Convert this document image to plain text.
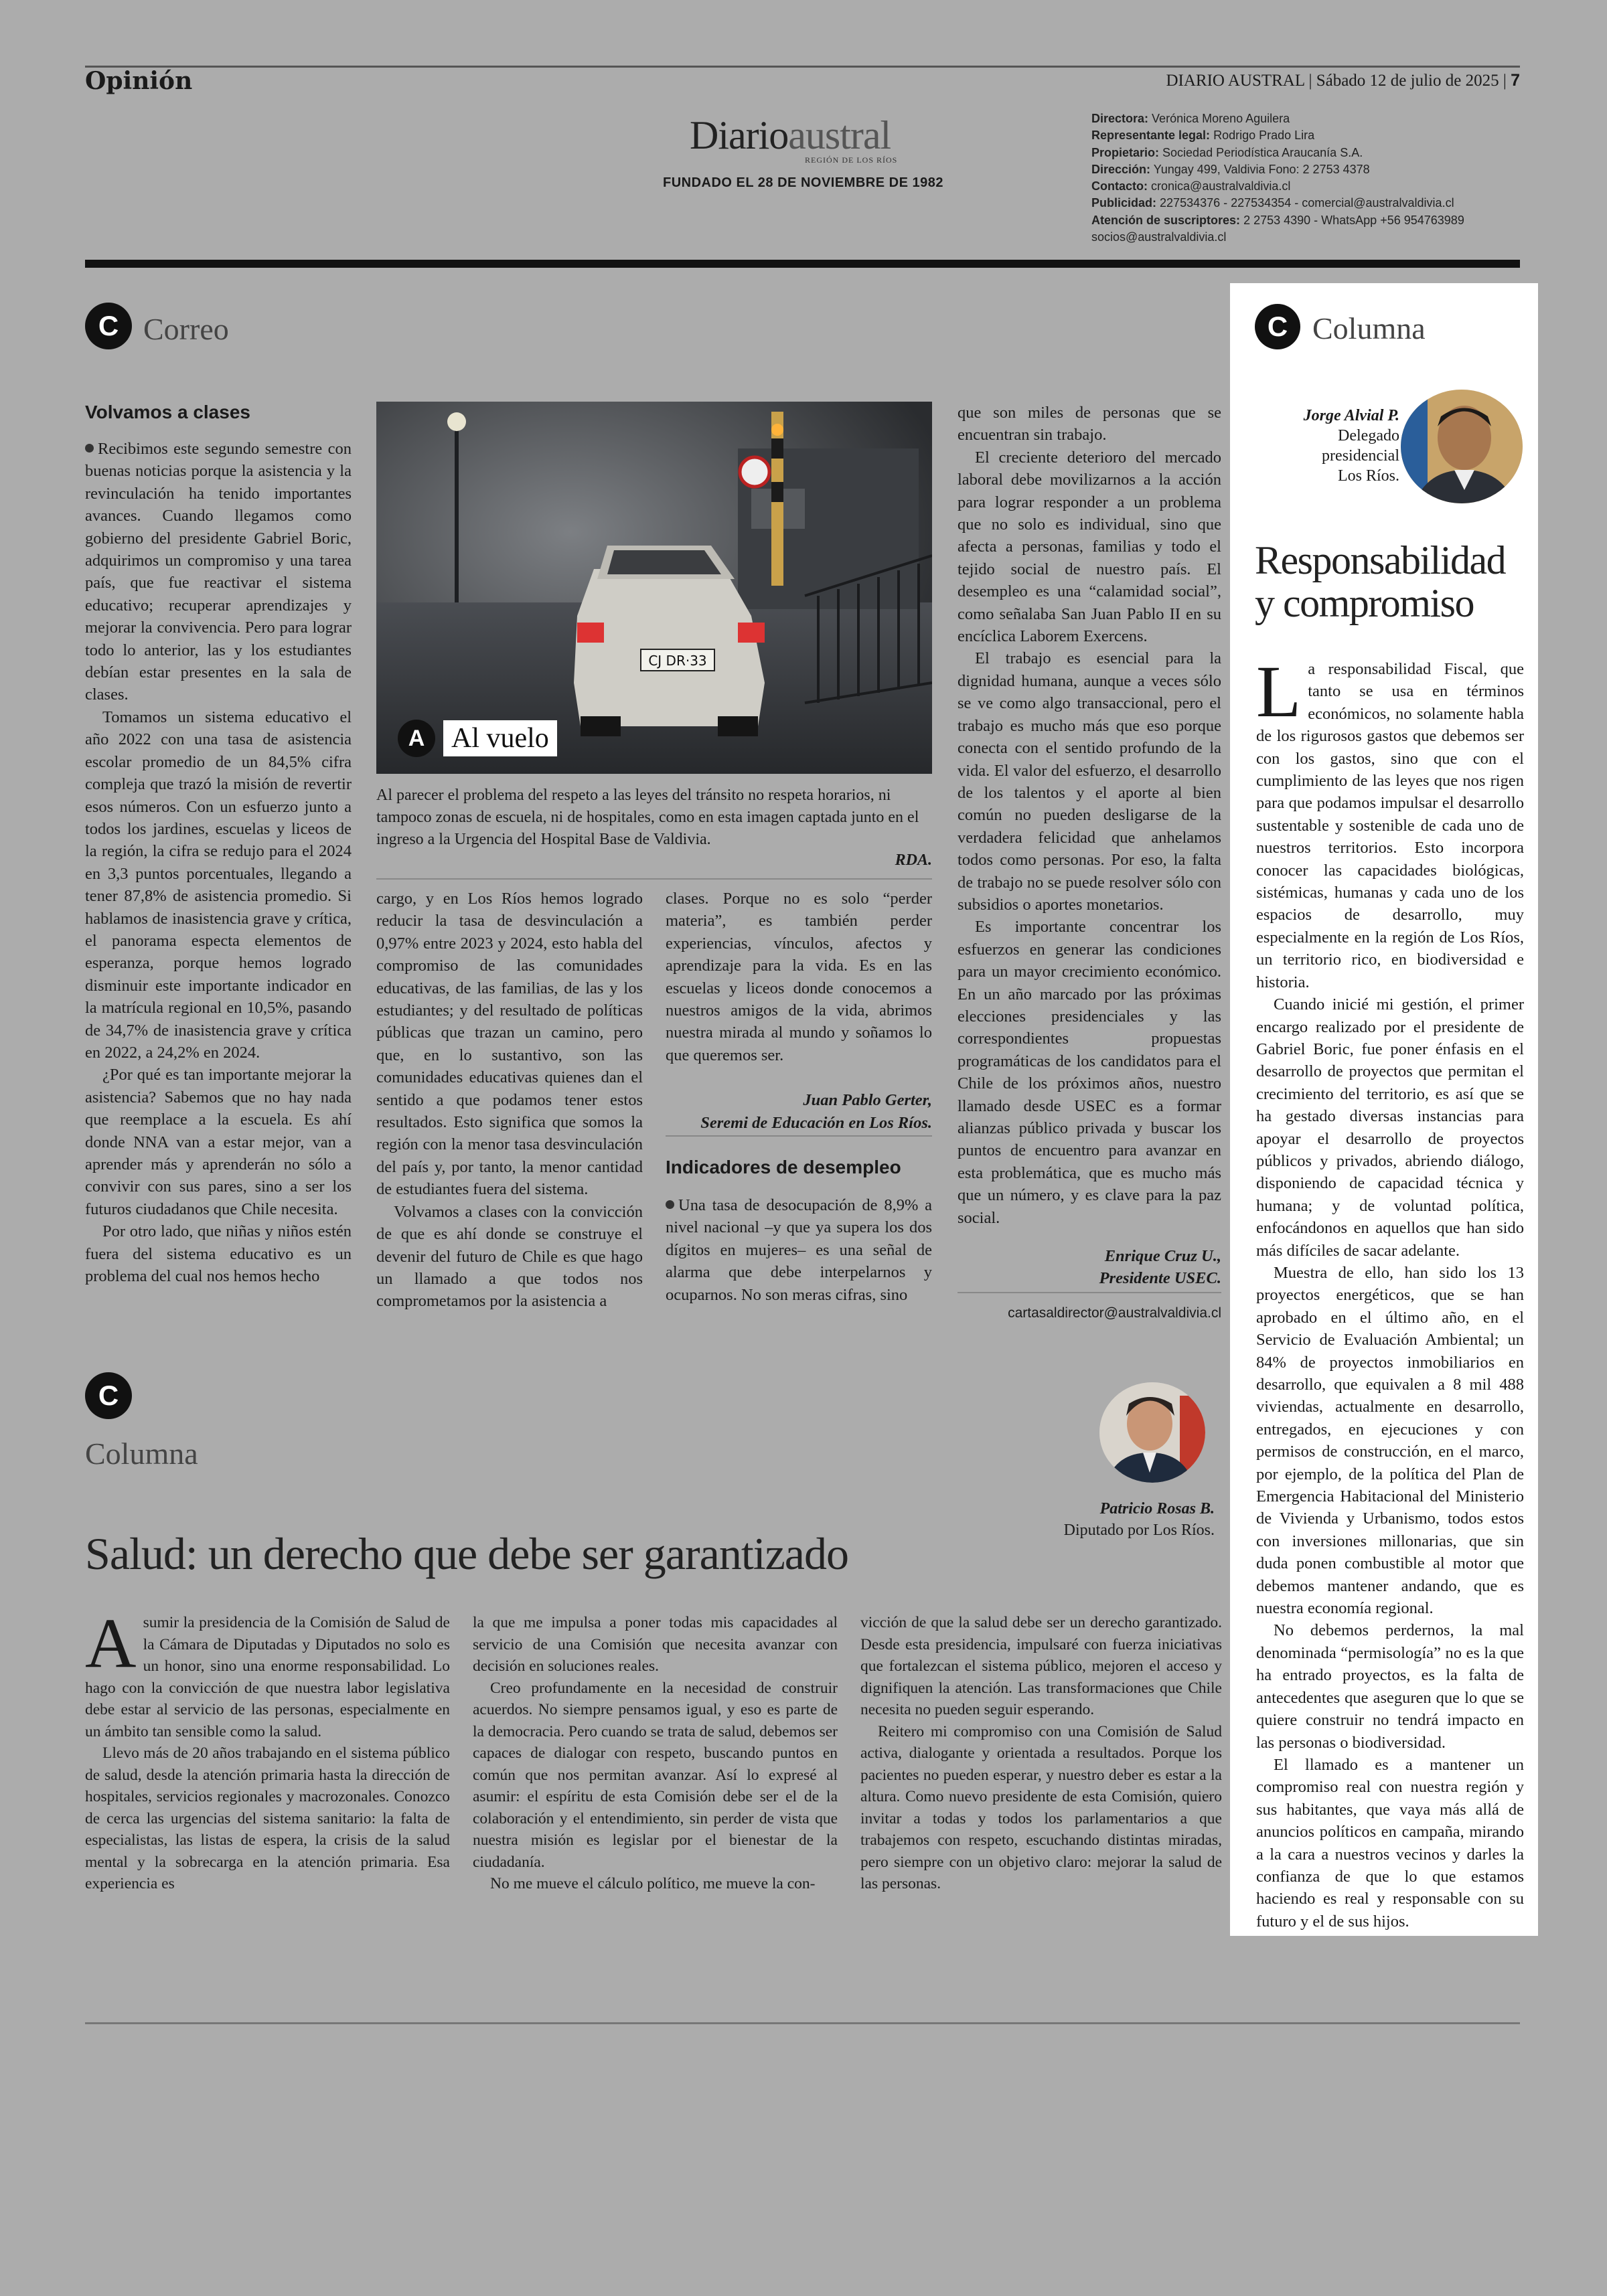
Opinión	DIARIO AUSTRAL | Sábado 12 de julio de 2025 | 7
Diarioaustral
REGIÓN DE LOS RÍOS
FUNDADO EL 28 DE NOVIEMBRE DE 1982
Directora: Verónica Moreno Aguilera
Representante legal: Rodrigo Prado Lira
Propietario: Sociedad Periodística Araucanía S.A.
Dirección: Yungay 499, Valdivia Fono: 2 2753 4378
Contacto: cronica@australvaldivia.cl
Publicidad: 227534376 - 227534354 - comercial@australvaldivia.cl
Atención de suscriptores: 2 2753 4390 - WhatsApp +56 954763989
socios@australvaldivia.cl
C Correo
Volvamos a clases

Recibimos este segundo semestre con buenas noticias porque la asistencia y la revinculación ha tenido importantes avances. Cuando llegamos como gobierno del presidente Gabriel Boric, adquirimos un compromiso y una tarea país, que fue reactivar el sistema educativo; recuperar aprendizajes y mejorar la convivencia. Pero para lograr todo lo anterior, las y los estudiantes debían estar presentes en la sala de clases.

Tomamos un sistema educativo el año 2022 con una tasa de asistencia escolar promedio de un 84,5% cifra compleja que trazó la misión de revertir esos números. Con un esfuerzo junto a todos los jardines, escuelas y liceos de la región, la cifra se redujo para el 2024 en 3,3 puntos porcentuales, llegando a tener 87,8% de asistencia promedio. Si hablamos de inasistencia grave y crítica, el panorama especta elementos de esperanza, porque hemos logrado disminuir este importante indicador en la matrícula regional en 10,5%, pasando de 34,7% de inasistencia grave y crítica en 2022, a 24,2% en 2024.

¿Por qué es tan importante mejorar la asistencia? Sabemos que no hay nada que reemplace a la escuela. Es ahí donde NNA van a estar mejor, van a aprender más y aprenderán no sólo a convivir con sus pares, sino a ser los futuros ciudadanos que Chile necesita.

Por otro lado, que niñas y niños estén fuera del sistema educativo es un problema del cual nos hemos hecho

CJ DR·33
A Al vuelo
Al parecer el problema del respeto a las leyes del tránsito no respeta horarios, ni tampoco zonas de escuela, ni de hospitales, como en esta imagen captada junto en el ingreso a la Urgencia del Hospital Base de Valdivia.
RDA.

cargo, y en Los Ríos hemos logrado reducir la tasa de desvinculación a 0,97% entre 2023 y 2024, esto habla del compromiso de las comunidades educativas, de las familias, de las y los estudiantes; y del resultado de políticas públicas que trazan un camino, pero que, en lo sustantivo, son las comunidades educativas quienes dan el sentido a que podamos tener estos resultados. Esto significa que somos la región con la menor tasa desvinculación del país y, por tanto, la menor cantidad de estudiantes fuera del sistema.

Volvamos a clases con la convicción de que es ahí donde se construye el devenir del futuro de Chile es que hago un llamado a que todos nos comprometamos por la asistencia a

clases. Porque no es solo “perder materia”, es también perder experiencias, vínculos, afectos y aprendizaje para la vida. Es en las escuelas y liceos donde conocemos a nuestros amigos de la vida, abrimos nuestra mirada al mundo y soñamos lo que queremos ser.

Juan Pablo Gerter,
Seremi de Educación en Los Ríos.
Indicadores de desempleo

Una tasa de desocupación de 8,9% a nivel nacional –y que ya supera los dos dígitos en mujeres– es una señal de alarma que debe interpelarnos y ocuparnos. No son meras cifras, sino

que son miles de personas que se encuentran sin trabajo.

El creciente deterioro del mercado laboral debe movilizarnos a la acción para lograr responder a un problema que no solo es individual, sino que afecta a personas, familias y todo el tejido social de nuestro país. El desempleo es una “calamidad social”, como señalaba San Juan Pablo II en su encíclica Laborem Exercens.

El trabajo es esencial para la dignidad humana, aunque a veces sólo se ve como algo transaccional, pero el trabajo es mucho más que eso porque conecta con el sentido profundo de la vida. El valor del esfuerzo, el desarrollo de los talentos y el aporte al bien común no pueden desligarse de la verdadera felicidad que anhelamos todos como personas. Por eso, la falta de trabajo no se puede resolver sólo con subsidios o aportes monetarios.

Es importante concentrar los esfuerzos en generar las condiciones para un mayor crecimiento económico. En un año marcado por las próximas elecciones presidenciales y las correspondientes propuestas programáticas de los candidatos para el Chile de los próximos años, nuestro llamado desde USEC es a formar alianzas público privada y buscar los puntos de encuentro para avanzar en esta problemática, que es mucho más que un número, y es clave para la paz social.

Enrique Cruz U.,
Presidente USEC.
cartasaldirector@australvaldivia.cl
C Columna
Jorge Alvial P.
Delegado
presidencial
Los Ríos.
Responsabilidad y compromiso

La responsabilidad Fiscal, que tanto se usa en términos económicos, no solamente habla de los rigurosos gastos que debemos ser con los gastos, sino que con el cumplimiento de las leyes que nos rigen para que podamos impulsar el desarrollo sustentable y sostenible de cada uno de nuestros territorios. Esto incorpora conocer las capacidades biológicas, sistémicas, humanas y cada uno de los espacios de desarrollo, muy especialmente en la región de Los Ríos, un territorio rico, en biodiversidad e historia.

Cuando inicié mi gestión, el primer encargo realizado por el presidente de Gabriel Boric, fue poner énfasis en el desarrollo de proyectos que permitan el crecimiento del territorio, es así que se ha gestado diversas instancias para apoyar el desarrollo de proyectos públicos y privados, abriendo diálogo, disponiendo de capacidad técnica y humana; y de voluntad política, enfocándonos en aquellos que han sido más difíciles de sacar adelante.

Muestra de ello, han sido los 13 proyectos energéticos, que se han aprobado en el último año, en el Servicio de Evaluación Ambiental; un 84% de proyectos inmobiliarios en desarrollo, que equivalen a 8 mil 488 viviendas, actualmente en desarrollo, entregados, en ejecuciones y con permisos de construcción, en el marco, por ejemplo, de la política del Plan de Emergencia Habitacional del Ministerio de Vivienda y Urbanismo, todos estos con inversiones millonarias, que sin duda ponen combustible al motor que debemos mantener andando, que es nuestra economía regional.

No debemos perdernos, la mal denominada “permisología” no es la que ha entrado proyectos, es la falta de antecedentes que aseguren que lo que se quiere construir no tendrá impacto en las personas o biodiversidad.

El llamado es a mantener un compromiso real con nuestra región y sus habitantes, que vaya más allá de anuncios políticos en campaña, mirando a la cara a nuestros vecinos y darles la confianza de que lo que estamos haciendo es real y responsable con su futuro y el de sus hijos.

C
Columna
Patricio Rosas B.
Diputado por Los Ríos.
Salud: un derecho que debe ser garantizado

Asumir la presidencia de la Comisión de Salud de la Cámara de Diputadas y Diputados no solo es un honor, sino una enorme responsabilidad. Lo hago con la convicción de que nuestra labor legislativa debe estar al servicio de las personas, especialmente en un ámbito tan sensible como la salud.

Llevo más de 20 años trabajando en el sistema público de salud, desde la atención primaria hasta la dirección de hospitales, servicios regionales y macrozonales. Conozco de cerca las urgencias del sistema sanitario: la falta de especialistas, las listas de espera, la crisis de la salud mental y la sobrecarga en la atención primaria. Esa experiencia es

la que me impulsa a poner todas mis capacidades al servicio de una Comisión que necesita avanzar con decisión en soluciones reales.

Creo profundamente en la necesidad de construir acuerdos. No siempre pensamos igual, y eso es parte de la democracia. Pero cuando se trata de salud, debemos ser capaces de dialogar con respeto, buscando puntos en común que nos permitan avanzar. Así lo expresé al asumir: el espíritu de esta Comisión debe ser el de la colaboración y el entendimiento, sin perder de vista que nuestra misión es legislar por el bienestar de la ciudadanía.

No me mueve el cálculo político, me mueve la con-

vicción de que la salud debe ser un derecho garantizado. Desde esta presidencia, impulsaré con fuerza iniciativas que fortalezcan el sistema público, mejoren el acceso y dignifiquen la atención. Las transformaciones que Chile necesita no pueden seguir esperando.

Reitero mi compromiso con una Comisión de Salud activa, dialogante y orientada a resultados. Porque los pacientes no pueden esperar, y nuestro deber es estar a la altura. Como nuevo presidente de esta Comisión, quiero invitar a todas y todos los parlamentarios a que trabajemos con respeto, escuchando distintas miradas, pero siempre con un objetivo claro: mejorar la salud de las personas.
